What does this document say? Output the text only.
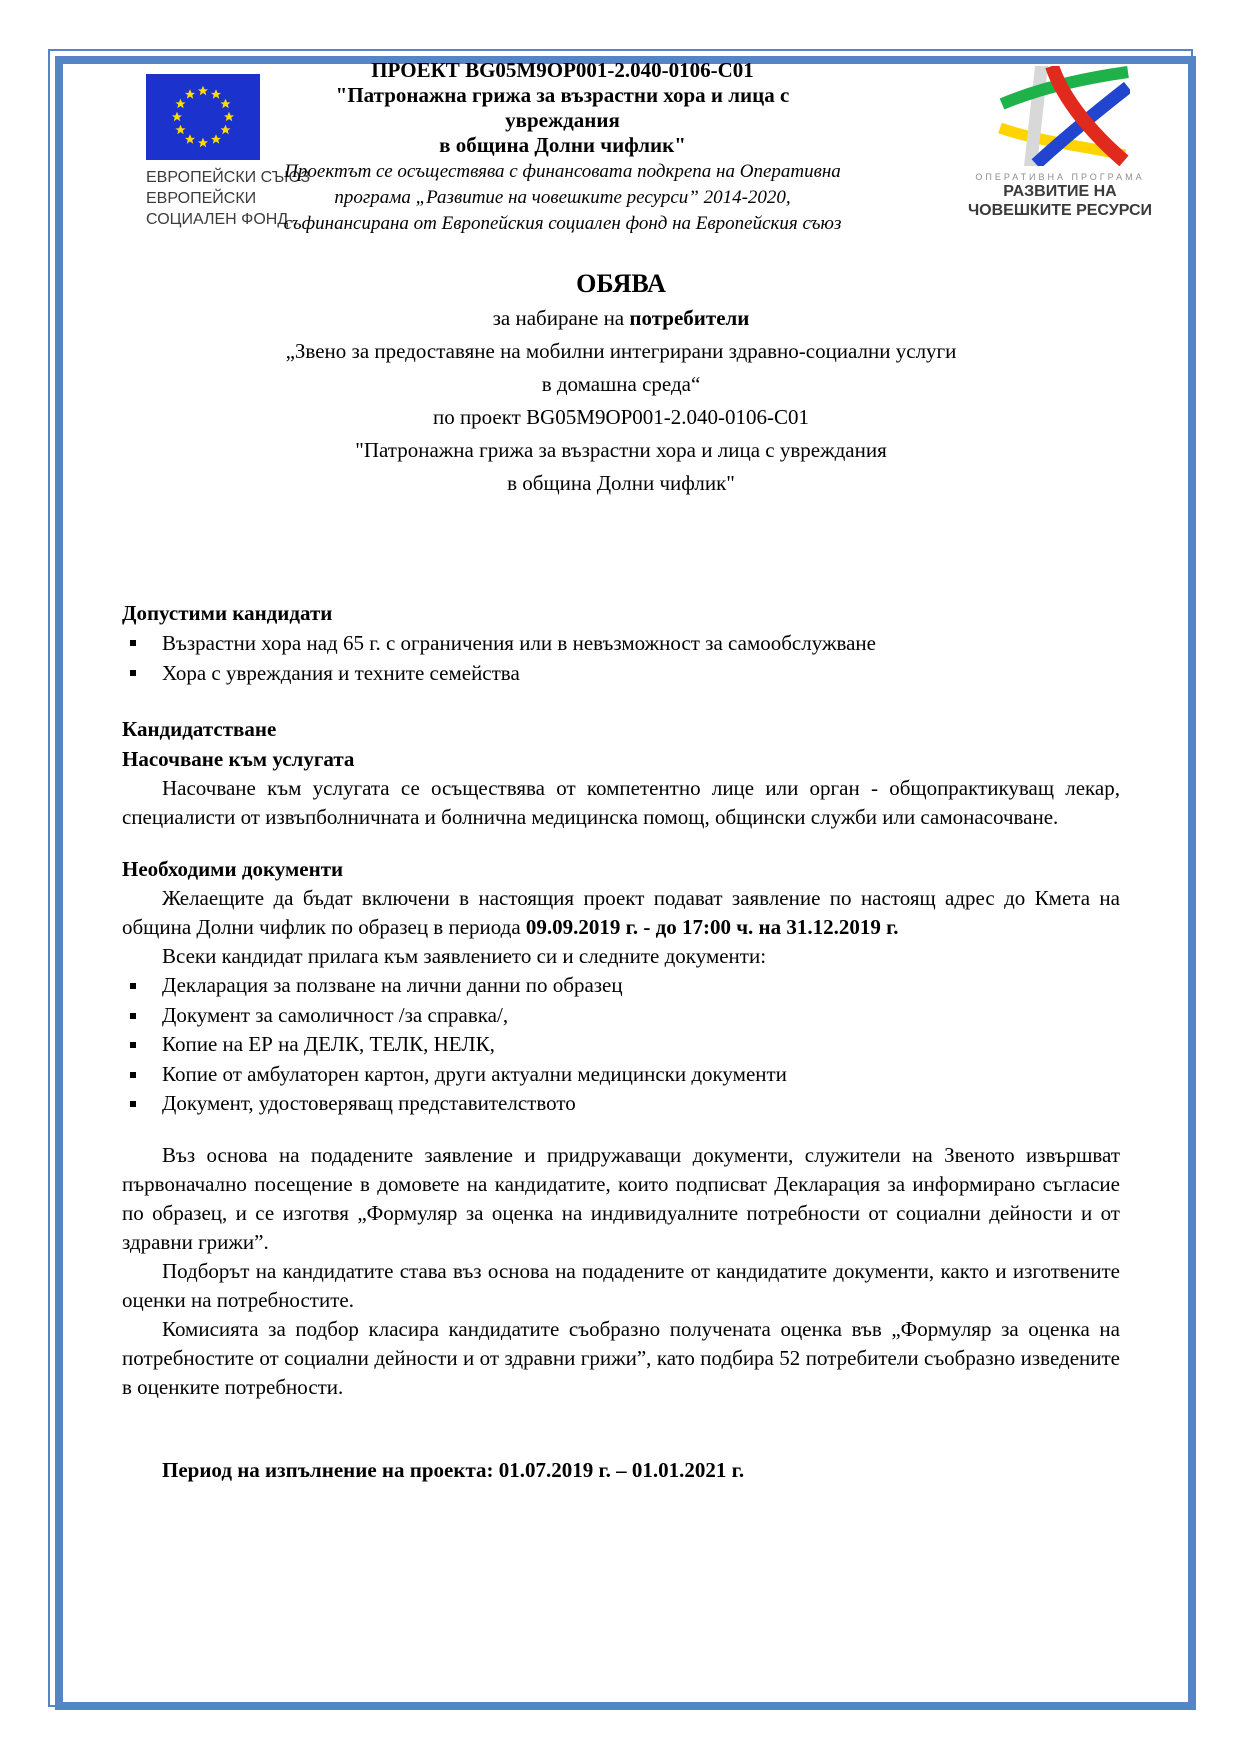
ЕВРОПЕЙСКИ СЪЮЗ
ЕВРОПЕЙСКИ
СОЦИАЛЕН ФОНД
ПРОЕКТ BG05M9OP001-2.040-0106-C01
"Патронажна грижа за възрастни хора и лица с увреждания
в община Долни чифлик"
Проектът се осъществява с финансовата подкрепа на Оперативна
програма „Развитие на човешките ресурси” 2014-2020,
съфинансирана от Европейския социален фонд на Европейския съюз
ОПЕРАТИВНА ПРОГРАМА
РАЗВИТИЕ НА
ЧОВЕШКИТЕ РЕСУРСИ
ОБЯВА
за набиране на потребители
„Звено за предоставяне на мобилни интегрирани здравно-социални услуги
в домашна среда“
по проект BG05M9OP001-2.040-0106-C01
"Патронажна грижа за възрастни хора и лица с увреждания
в община Долни чифлик"
Допустими кандидати
Възрастни хора над 65 г. с ограничения или в невъзможност за самообслужване
Хора с увреждания и техните семейства
Кандидатстване
Насочване към услугата

Насочване към услугата се осъществява от компетентно лице или орган - общопрактикуващ лекар, специалисти от извъпболничната и болнична медицинска помощ, общински служби или самонасочване.

Необходими документи

Желаещите да бъдат включени в настоящия проект подават заявление по настоящ адрес до Кмета на община Долни чифлик по образец в периода 09.09.2019 г. - до 17:00 ч. на 31.12.2019 г.

Всеки кандидат прилага към заявлението си и следните документи:

Декларация за ползване на лични данни по образец
Документ за самоличност /за справка/,
Копие на ЕР на ДЕЛК, ТЕЛК, НЕЛК,
Копие от амбулаторен картон, други актуални медицински документи
Документ, удостоверяващ представителството

Въз основа на подадените заявление и придружаващи документи, служители на Звеното извършват първоначално посещение в домовете на кандидатите, които подписват Декларация за информирано съгласие по образец, и се изготвя „Формуляр за оценка на индивидуалните потребности от социални дейности и от здравни грижи”.

Подборът на кандидатите става въз основа на подадените от кандидатите документи, както и изготвените оценки на потребностите.

Комисията за подбор класира кандидатите съобразно получената оценка във „Формуляр за оценка на потребностите от социални дейности и от здравни грижи”, като подбира 52 потребители съобразно изведените в оценките потребности.

Период на изпълнение на проекта: 01.07.2019 г. – 01.01.2021 г.
